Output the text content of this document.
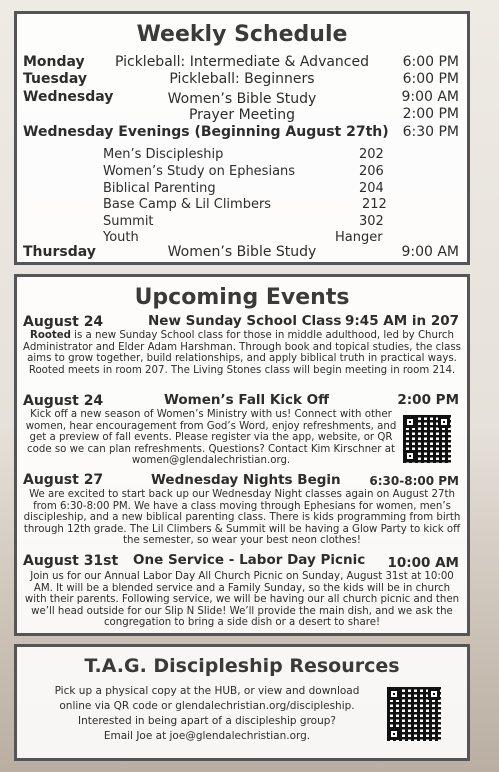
Weekly Schedule
Monday Pickleball: Intermediate & Advanced 6:00 PM
Tuesday	Pickleball: Beginners	6:00 PM
Wednesday	Women’s Bible Study	9:00 AM
Prayer Meeting	2:00 PM
Wednesday Evenings (Beginning August 27th) 6:30 PM
Men’s Discipleship	202
Women’s Study on Ephesians	206
Biblical Parenting	204
Base Camp & Lil Climbers	212
Summit	302
Youth	Hanger
Thursday	Women’s Bible Study	9:00 AM
Upcoming Events
August 24	New Sunday School Class 9:45 AM in 207
Rooted is a new Sunday School class for those in middle adulthood, led by Church Administrator and Elder Adam Harshman. Through book and topical studies, the class aims to grow together, build relationships, and apply biblical truth in practical ways. Rooted meets in room 207. The Living Stones class will begin meeting in room 214.
August 24	Women’s Fall Kick Off	2:00 PM
Kick off a new season of Women’s Ministry with us! Connect with other women, hear encouragement from God’s Word, enjoy refreshments, and get a preview of fall events. Please register via the app, website, or QR code so we can plan refreshments. Questions? Contact Kim Kirschner at women@glendalechristian.org.
August 27	Wednesday Nights Begin 6:30-8:00 PM
We are excited to start back up our Wednesday Night classes again on August 27th from 6:30-8:00 PM. We have a class moving through Ephesians for women, men’s discipleship, and a new biblical parenting class. There is kids programming from birth through 12th grade. The Lil Climbers & Summit will be having a Glow Party to kick off the semester, so wear your best neon clothes!
August 31st One Service - Labor Day Picnic 10:00 AM
Join us for our Annual Labor Day All Church Picnic on Sunday, August 31st at 10:00 AM. It will be a blended service and a Family Sunday, so the kids will be in church with their parents. Following service, we will be having our all church picnic and then we’ll head outside for our Slip N Slide! We’ll provide the main dish, and we ask the congregation to bring a side dish or a desert to share!
T.A.G. Discipleship Resources
Pick up a physical copy at the HUB, or view and download
online via QR code or glendalechristian.org/discipleship.
Interested in being apart of a discipleship group?
Email Joe at joe@glendalechristian.org.
